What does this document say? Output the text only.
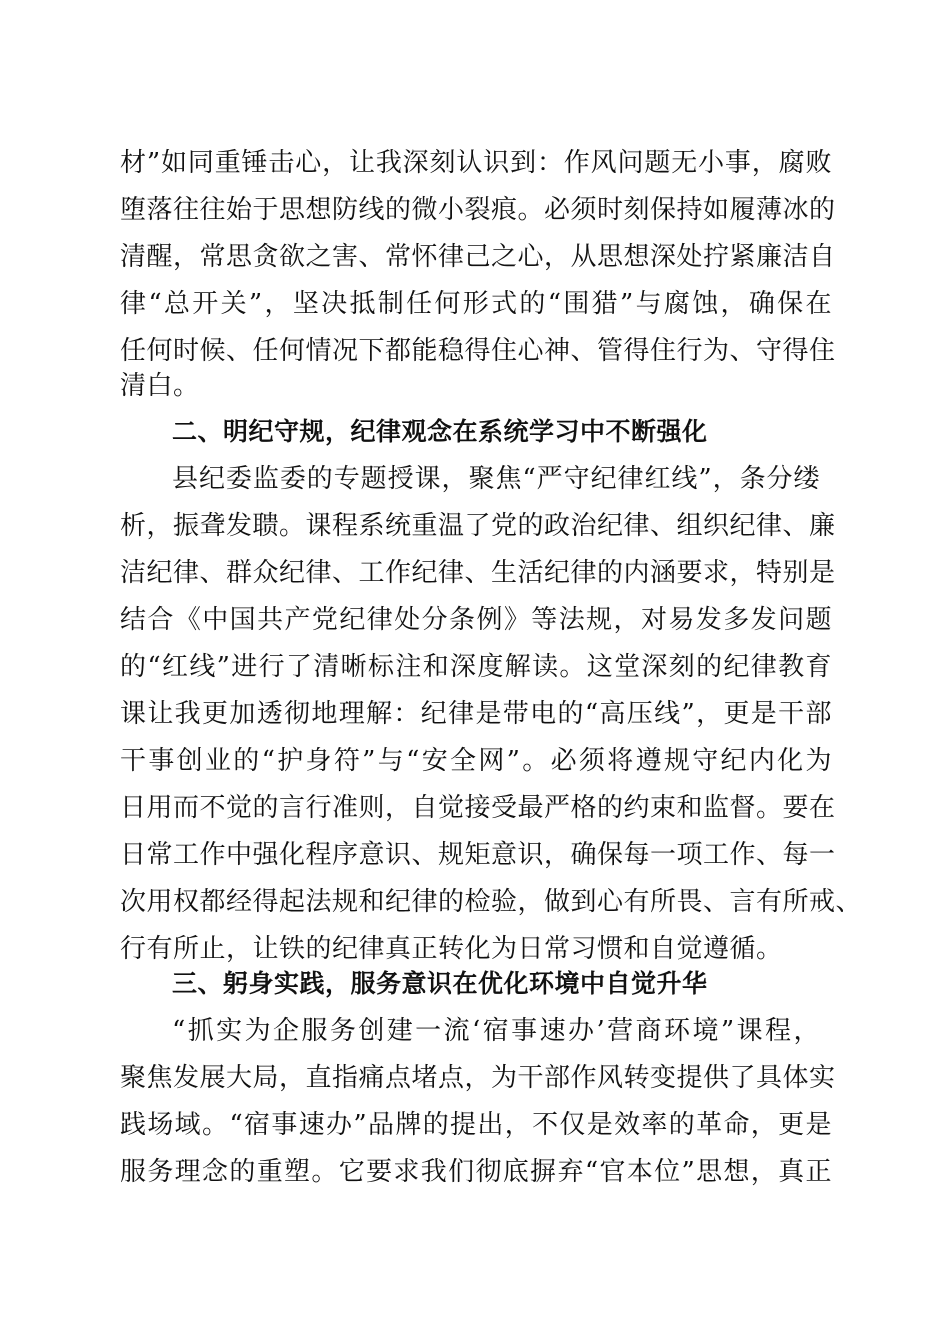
材”如同重锤击心，让我深刻认识到：作风问题无小事，腐败
堕落往往始于思想防线的微小裂痕。必须时刻保持如履薄冰的
清醒，常思贪欲之害、常怀律己之心，从思想深处拧紧廉洁自
律“总开关”，坚决抵制任何形式的“围猎”与腐蚀，确保在
任何时候、任何情况下都能稳得住心神、管得住行为、守得住
清白。
二、明纪守规，纪律观念在系统学习中不断强化
县纪委监委的专题授课，聚焦“严守纪律红线”，条分缕
析，振聋发聩。课程系统重温了党的政治纪律、组织纪律、廉
洁纪律、群众纪律、工作纪律、生活纪律的内涵要求，特别是
结合《中国共产党纪律处分条例》等法规，对易发多发问题
的“红线”进行了清晰标注和深度解读。这堂深刻的纪律教育
课让我更加透彻地理解：纪律是带电的“高压线”，更是干部
干事创业的“护身符”与“安全网”。必须将遵规守纪内化为
日用而不觉的言行准则，自觉接受最严格的约束和监督。要在
日常工作中强化程序意识、规矩意识，确保每一项工作、每一
次用权都经得起法规和纪律的检验，做到心有所畏、言有所戒、
行有所止，让铁的纪律真正转化为日常习惯和自觉遵循。
三、躬身实践，服务意识在优化环境中自觉升华
“抓实为企服务创建一流‘宿事速办’营商环境”课程，
聚焦发展大局，直指痛点堵点，为干部作风转变提供了具体实
践场域。“宿事速办”品牌的提出，不仅是效率的革命，更是
服务理念的重塑。它要求我们彻底摒弃“官本位”思想，真正
